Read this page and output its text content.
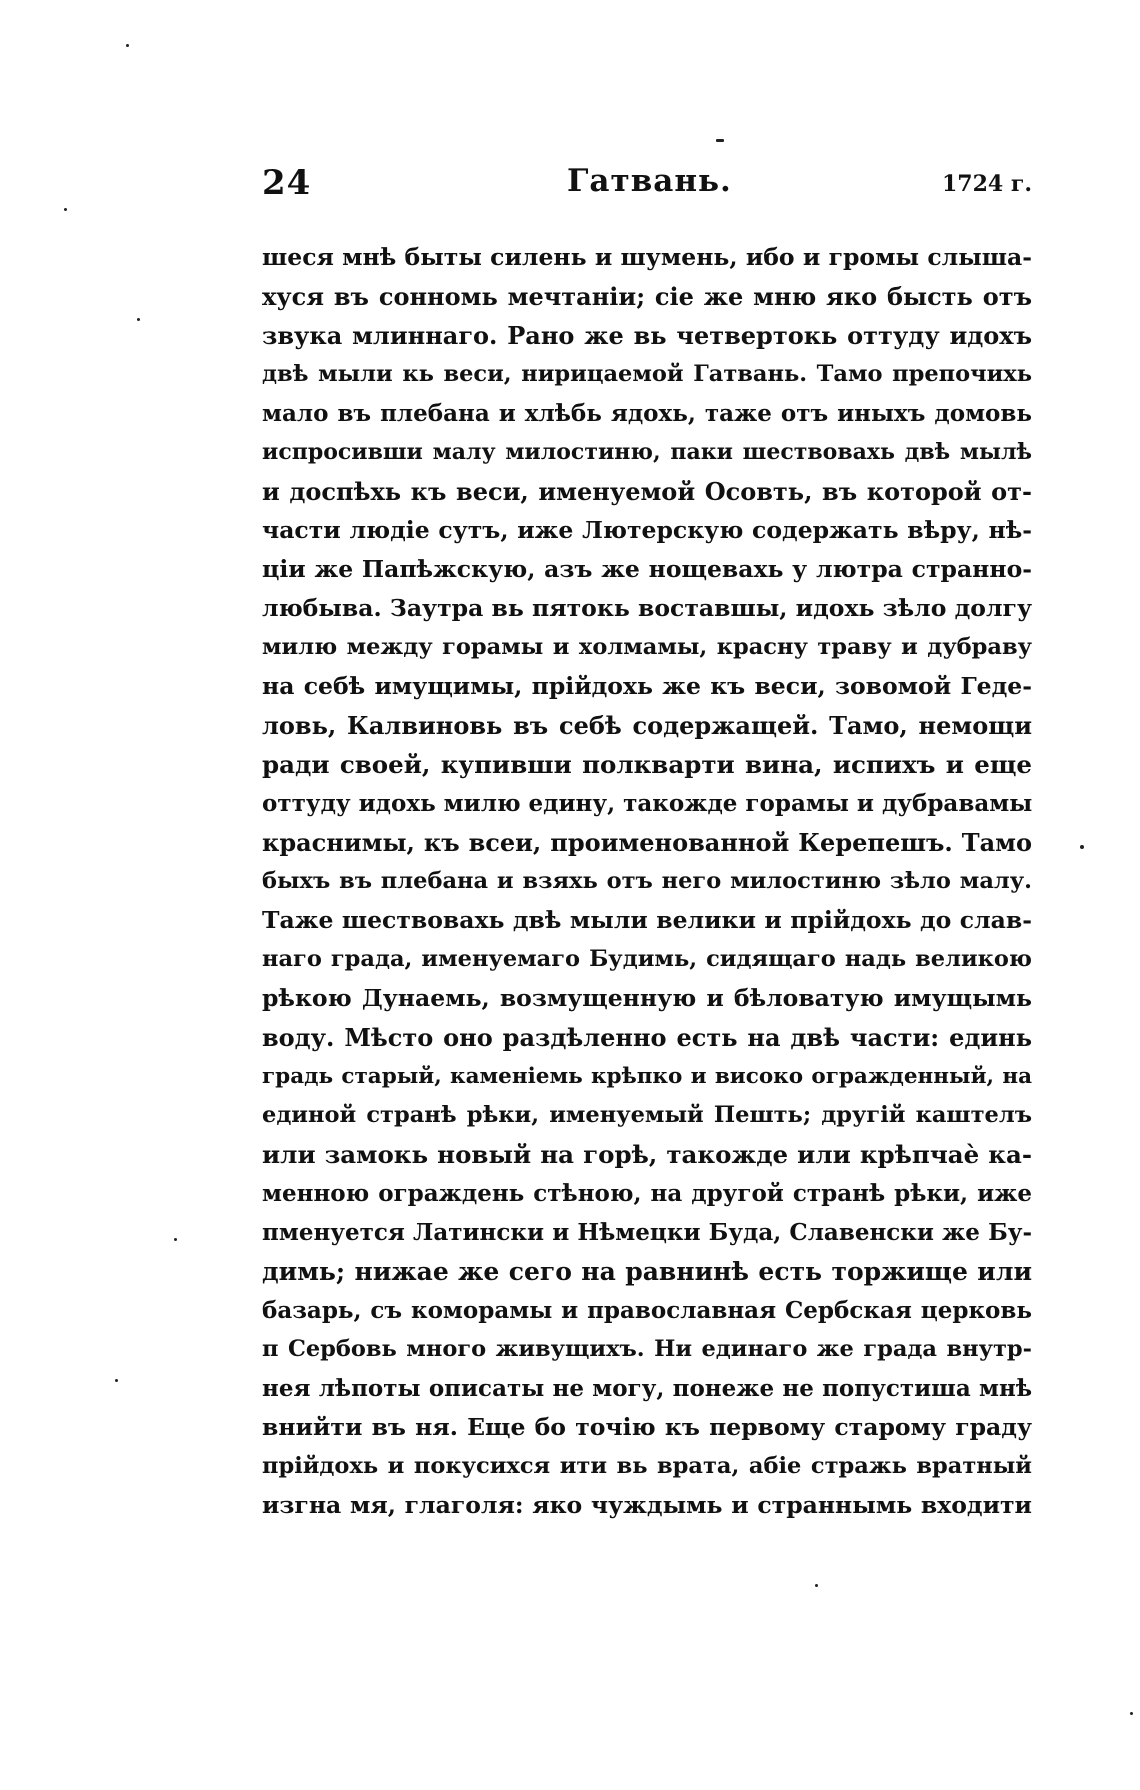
24	Гатвань.	1724 г.
шеся мнѣ быты силень и шумень, ибо и громы слыша-
хуся въ сонномь мечтанiи; сiе же мню яко бысть отъ
звука млиннаго. Рано же вь четвертокь оттуду идохъ
двѣ мыли кь веси, нирицаемой Гатвань. Тамо препочихь
мало въ плебана и хлѣбь ядохь, таже отъ иныхъ домовь
испросивши малу милостиню, паки шествовахь двѣ мылѣ
и доспѣхь къ веси, именуемой Осовть, въ которой от-
части людiе сутъ, иже Лютерскую содержать вѣру, нѣ-
цiи же Папѣжскую, азъ же нощевахь у лютра странно-
любыва. Заутра вь пятокь воставшы, идохь зѣло долгу
милю между горамы и холмамы, красну траву и дубраву
на себѣ имущимы, прiйдохь же къ веси, зовомой Геде-
ловь, Калвиновь въ себѣ содержащей. Тамо, немощи
ради своей, купивши полкварти вина, испихъ и еще
оттуду идохь милю едину, такожде горамы и дубравамы
краснимы, къ вceи, проименованной Керепешъ. Тамо
быхъ въ плебана и взяхь отъ него милостиню зѣло малу.
Таже шествовахь двѣ мыли велики и прiйдохь до слав-
наго града, именуемаго Будимь, сидящаго надь великою
рѣкою Дунаемь, возмущенную и бѣловатую имущымь
воду. Мѣсто оно раздѣленно есть на двѣ части: единь
градь старый, каменiемь крѣпко и високо огражденный, на
единой странѣ рѣки, именуемый Пешть; другiй каштелъ
или замокь новый на горѣ, такожде или крѣпчаѐ ка-
менною ограждень стѣною, на другой странѣ рѣки, иже
пменуется Латински и Нѣмецки Буда, Славенски же Бу-
димь; нижае же сего на равнинѣ есть торжище или
базарь, съ коморамы и православная Сербская церковь
п Сербовь много живущихъ. Ни единаго же града внутр-
нея лѣпоты описаты не могу, понеже не попустиша мнѣ
внийти въ ня. Еще бо точiю къ первому старому граду
прiйдохь и покусихся ити вь врата, абiе стражь вратный
изгна мя, глаголя: яко чуждымь и страннымь входити
